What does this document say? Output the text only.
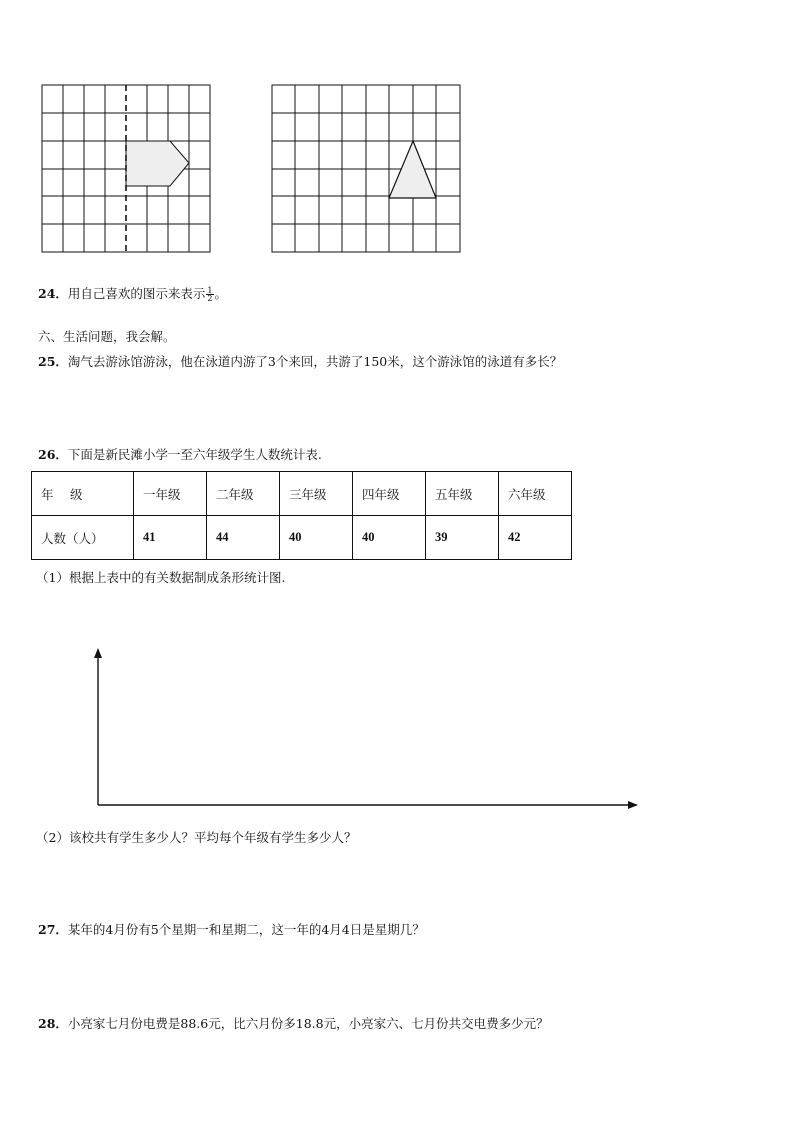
24．用自己喜欢的图示来表示 $\frac{1}{2}$ 。
六、生活问题，我会解。
25．淘气去游泳馆游泳，他在泳道内游了3个来回，共游了150米，这个游泳馆的泳道有多长？
26．下面是新民滩小学一至六年级学生人数统计表.
年　 级	一年级	二年级	三年级	四年级	五年级	六年级
人数（人）	41	44	40	40	39	42
（1）根据上表中的有关数据制成条形统计图.
（2）该校共有学生多少人？平均每个年级有学生多少人？
27．某年的4月份有5个星期一和星期二，这一年的4月4日是星期几？
28．小亮家七月份电费是88.6元，比六月份多18.8元，小亮家六、七月份共交电费多少元？
